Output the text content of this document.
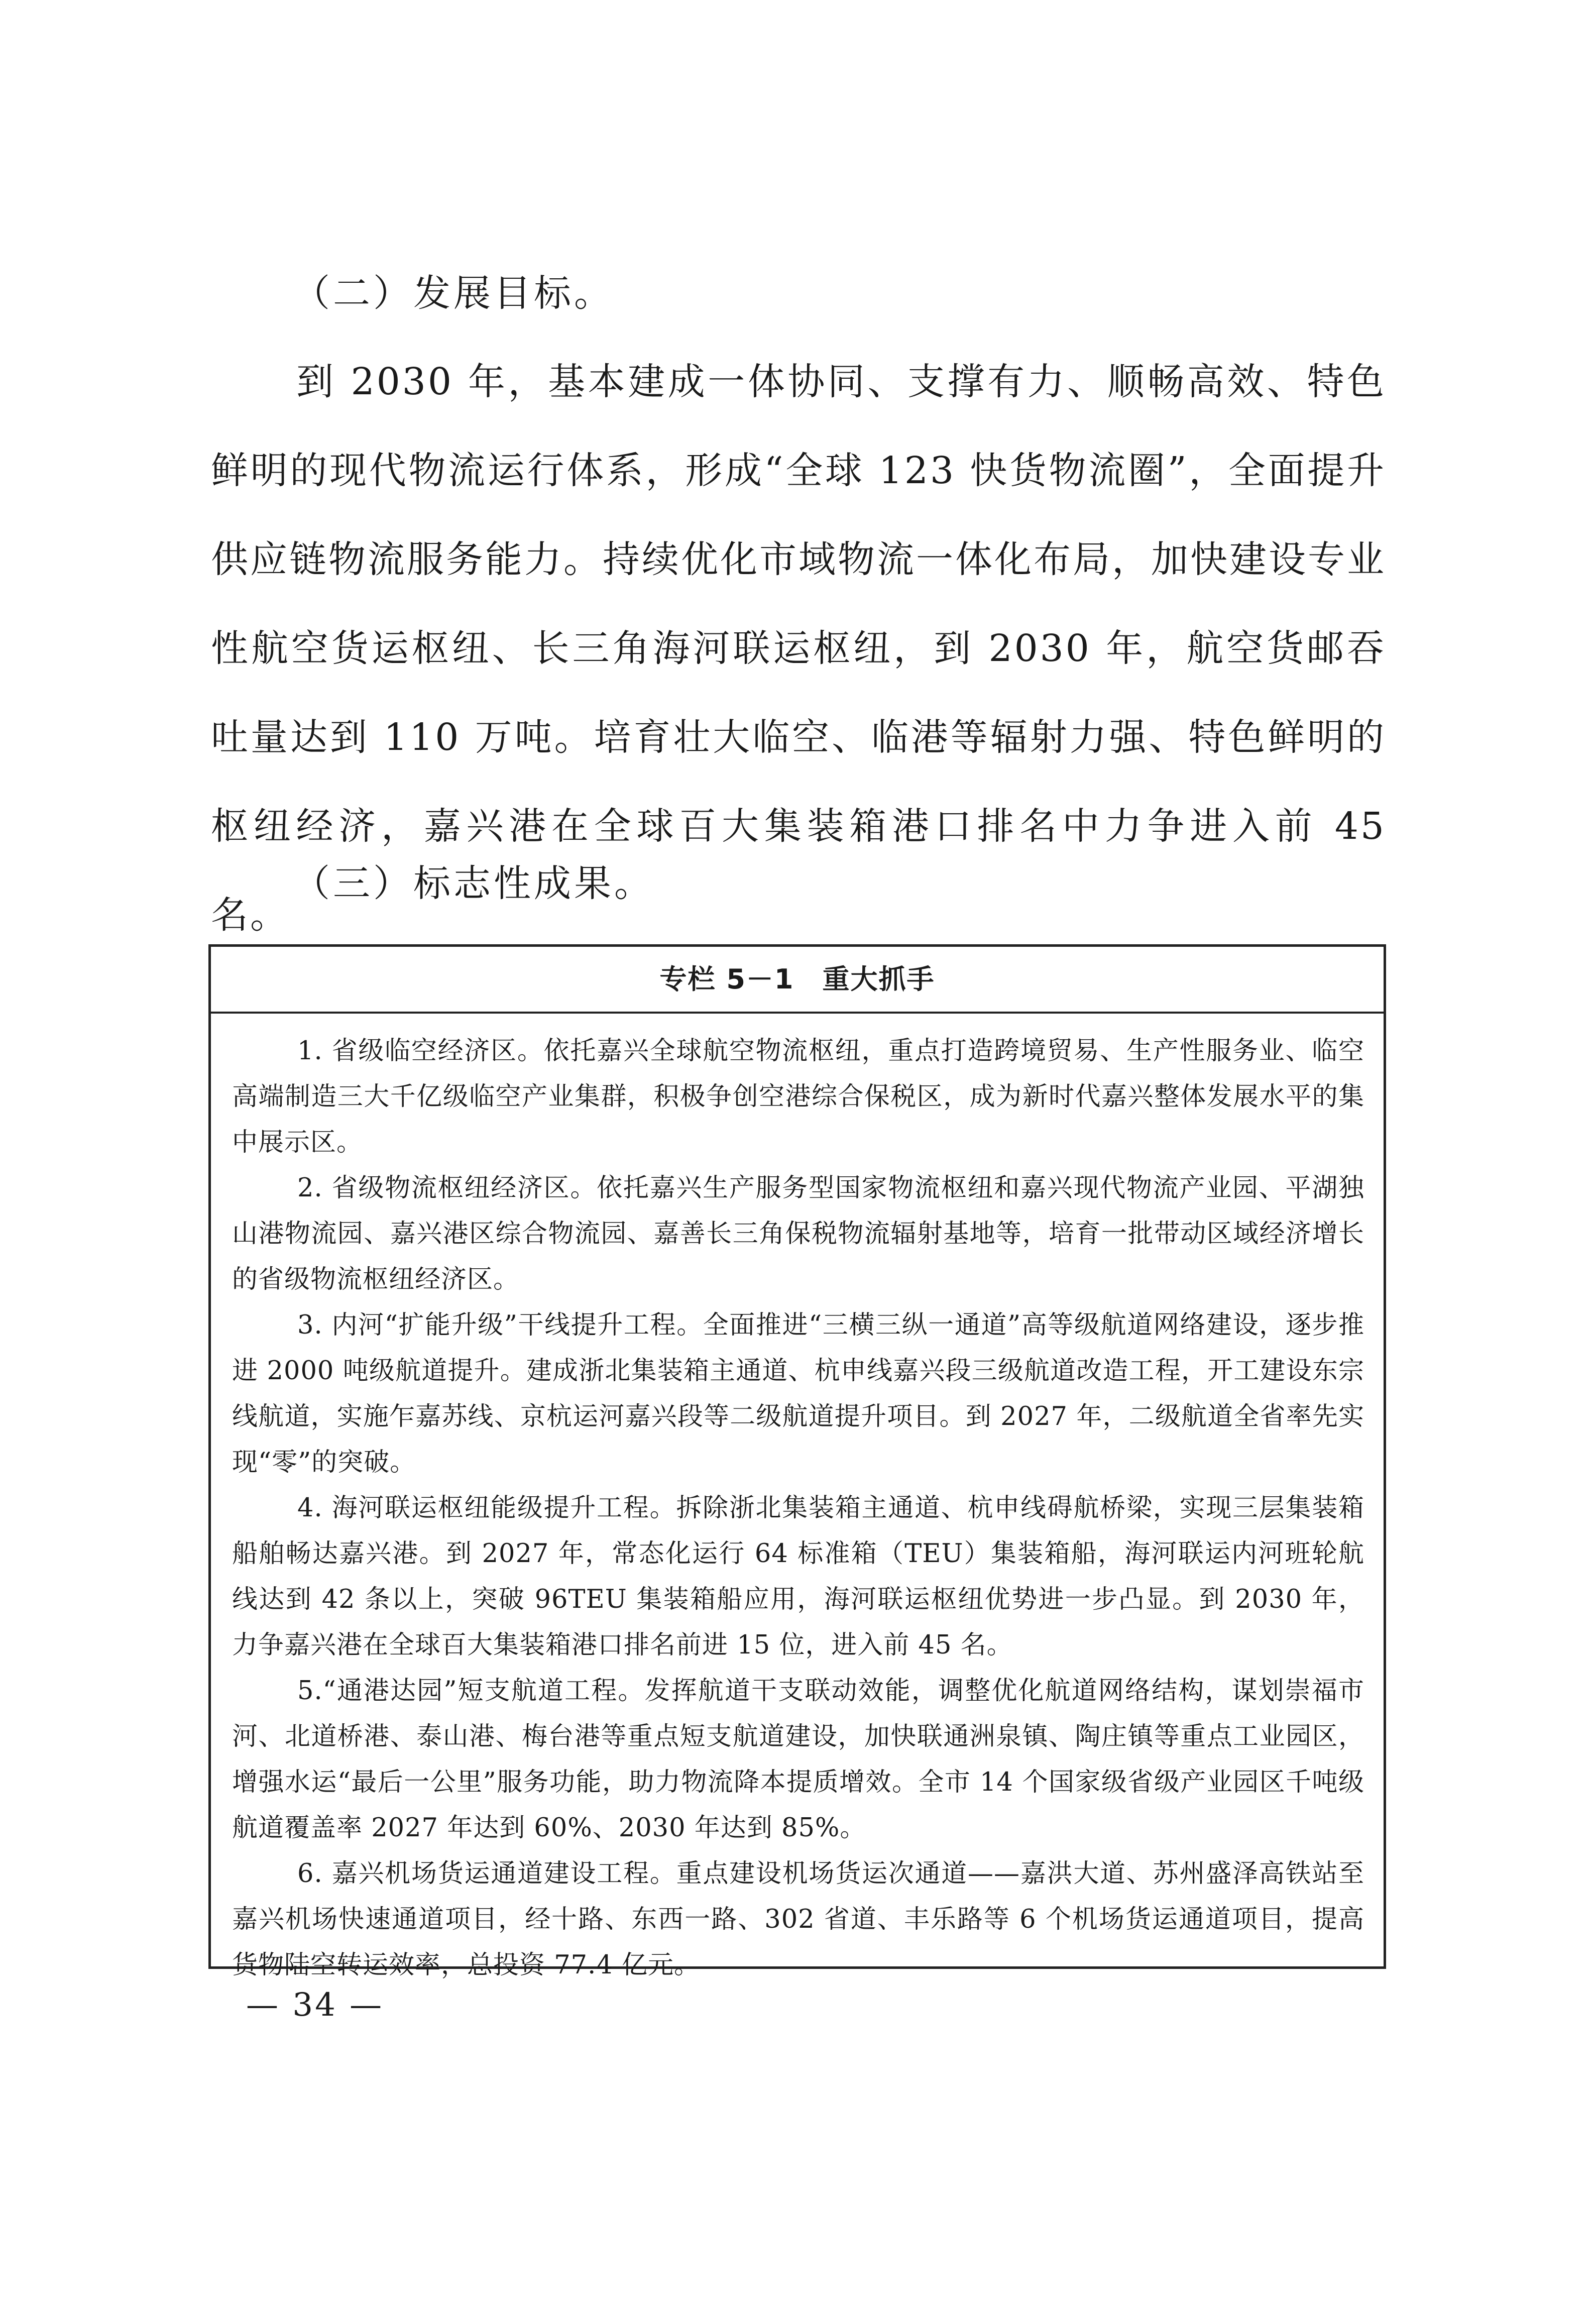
（二）发展目标。
到 2030 年，基本建成一体协同、支撑有力、顺畅高效、特色鲜明的现代物流运行体系，形成“全球 123 快货物流圈”，全面提升供应链物流服务能力。持续优化市域物流一体化布局，加快建设专业性航空货运枢纽、长三角海河联运枢纽，到 2030 年，航空货邮吞吐量达到 110 万吨。培育壮大临空、临港等辐射力强、特色鲜明的枢纽经济，嘉兴港在全球百大集装箱港口排名中力争进入前 45 名。
（三）标志性成果。
专栏 5－1　重大抓手

1. 省级临空经济区。依托嘉兴全球航空物流枢纽，重点打造跨境贸易、生产性服务业、临空高端制造三大千亿级临空产业集群，积极争创空港综合保税区，成为新时代嘉兴整体发展水平的集中展示区。

2. 省级物流枢纽经济区。依托嘉兴生产服务型国家物流枢纽和嘉兴现代物流产业园、平湖独山港物流园、嘉兴港区综合物流园、嘉善长三角保税物流辐射基地等，培育一批带动区域经济增长的省级物流枢纽经济区。

3. 内河“扩能升级”干线提升工程。全面推进“三横三纵一通道”高等级航道网络建设，逐步推进 2000 吨级航道提升。建成浙北集装箱主通道、杭申线嘉兴段三级航道改造工程，开工建设东宗线航道，实施乍嘉苏线、京杭运河嘉兴段等二级航道提升项目。到 2027 年，二级航道全省率先实现“零”的突破。

4. 海河联运枢纽能级提升工程。拆除浙北集装箱主通道、杭申线碍航桥梁，实现三层集装箱船舶畅达嘉兴港。到 2027 年，常态化运行 64 标准箱（TEU）集装箱船，海河联运内河班轮航线达到 42 条以上，突破 96TEU 集装箱船应用，海河联运枢纽优势进一步凸显。到 2030 年，力争嘉兴港在全球百大集装箱港口排名前进 15 位，进入前 45 名。

5.“通港达园”短支航道工程。发挥航道干支联动效能，调整优化航道网络结构，谋划崇福市河、北道桥港、泰山港、梅台港等重点短支航道建设，加快联通洲泉镇、陶庄镇等重点工业园区，增强水运“最后一公里”服务功能，助力物流降本提质增效。全市 14 个国家级省级产业园区千吨级航道覆盖率 2027 年达到 60%、2030 年达到 85%。

6. 嘉兴机场货运通道建设工程。重点建设机场货运次通道——嘉洪大道、苏州盛泽高铁站至嘉兴机场快速通道项目，经十路、东西一路、302 省道、丰乐路等 6 个机场货运通道项目，提高货物陆空转运效率，总投资 77.4 亿元。

— 34 —
